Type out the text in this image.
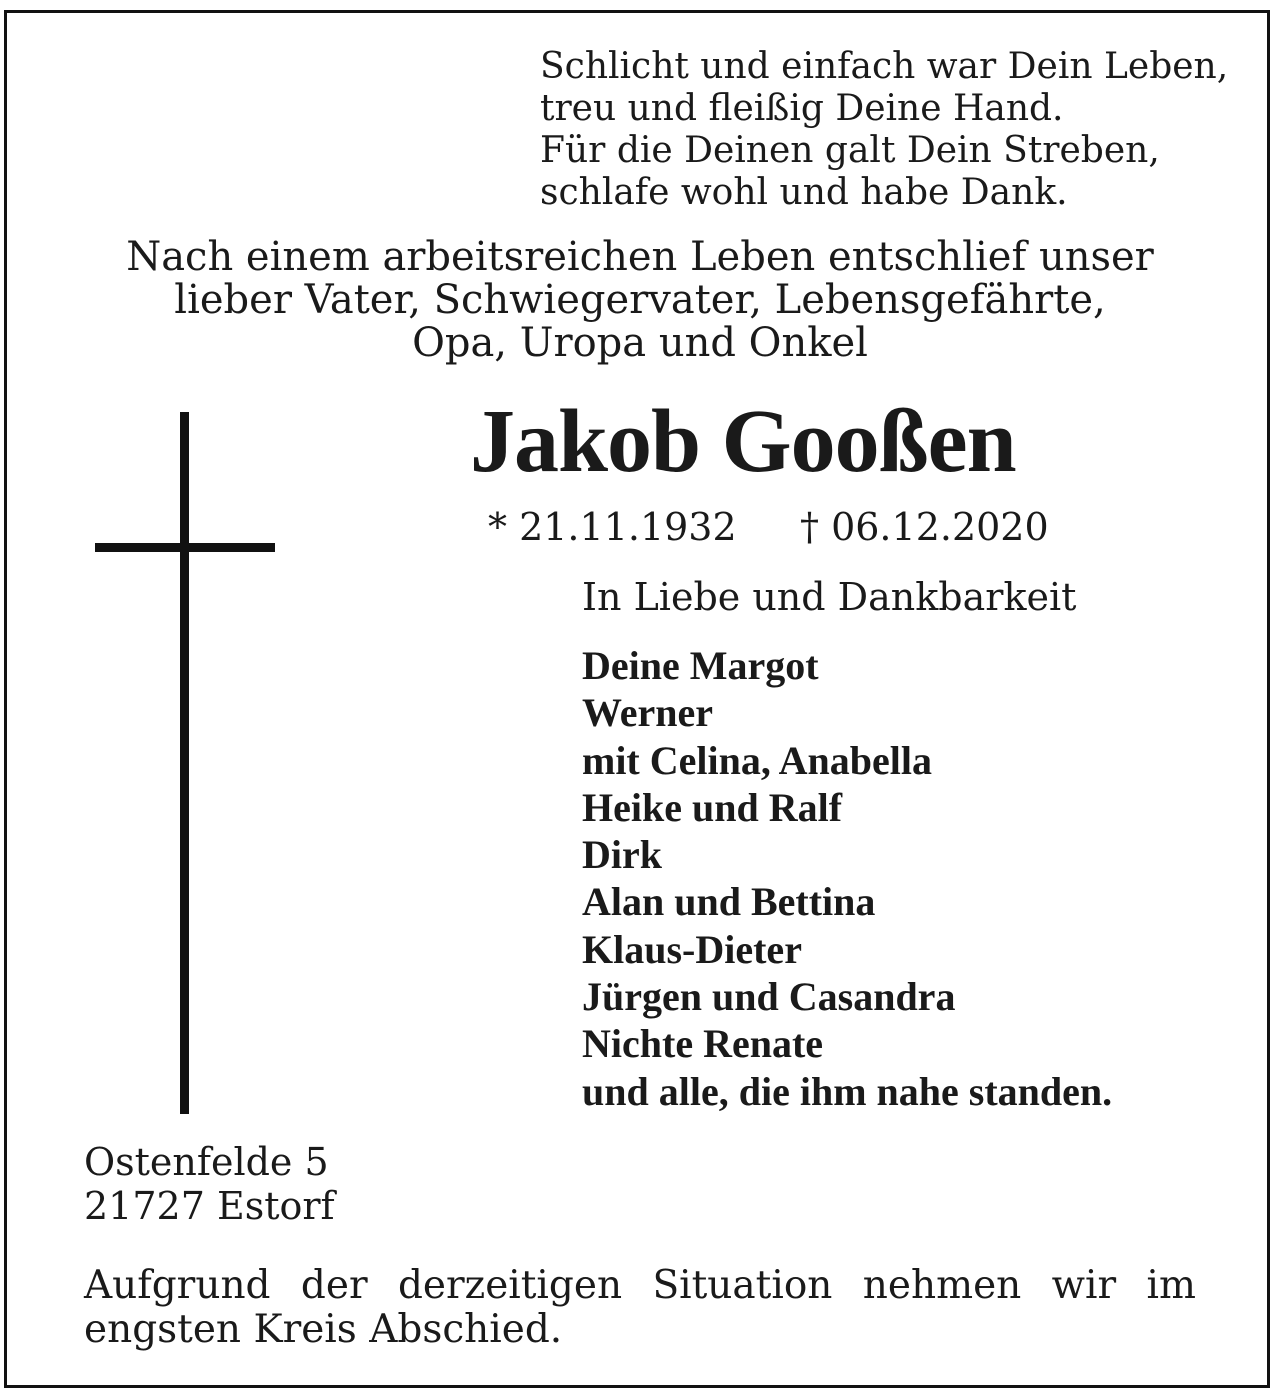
Schlicht und einfach war Dein Leben,
treu und fleißig Deine Hand.
Für die Deinen galt Dein Streben,
schlafe wohl und habe Dank.
Nach einem arbeitsreichen Leben entschlief unser
lieber Vater, Schwiegervater, Lebensgefährte,
Opa, Uropa und Onkel
Jakob Gooßen
* 21.11.1932 † 06.12.2020
In Liebe und Dankbarkeit
Deine Margot
Werner
mit Celina, Anabella
Heike und Ralf
Dirk
Alan und Bettina
Klaus-Dieter
Jürgen und Casandra
Nichte Renate
und alle, die ihm nahe standen.
Ostenfelde 5
21727 Estorf
Aufgrund der derzeitigen Situation nehmen wir im
engsten Kreis Abschied.
